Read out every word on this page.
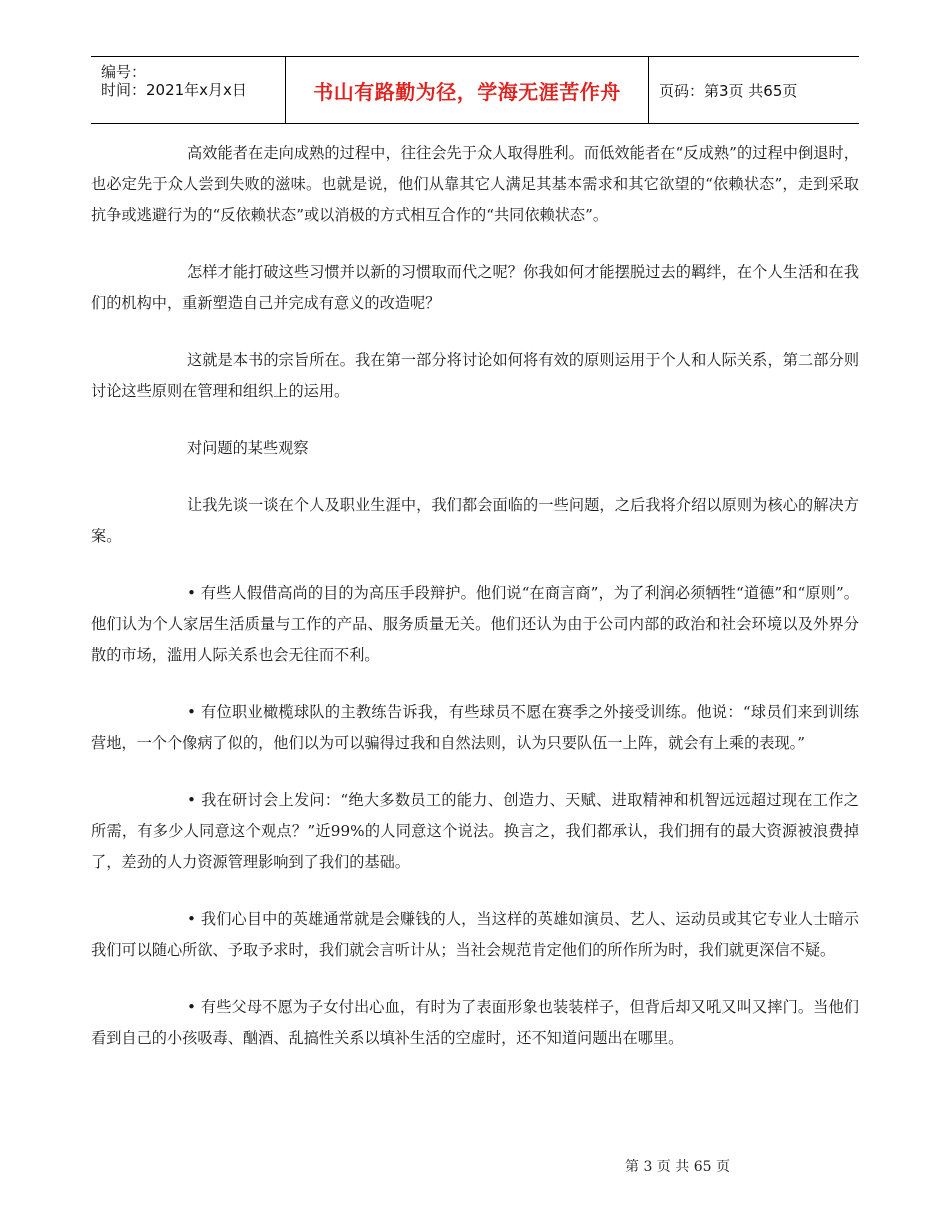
编号：
时间：2021年x月x日	书山有路勤为径，学海无涯苦作舟	页码：第3页 共65页

高效能者在走向成熟的过程中，往往会先于众人取得胜利。而低效能者在“反成熟”的过程中倒退时，也必定先于众人尝到失败的滋味。也就是说，他们从靠其它人满足其基本需求和其它欲望的“依赖状态”，走到采取抗争或逃避行为的“反依赖状态”或以消极的方式相互合作的“共同依赖状态”。

怎样才能打破这些习惯并以新的习惯取而代之呢？你我如何才能摆脱过去的羁绊，在个人生活和在我们的机构中，重新塑造自己并完成有意义的改造呢？

这就是本书的宗旨所在。我在第一部分将讨论如何将有效的原则运用于个人和人际关系，第二部分则讨论这些原则在管理和组织上的运用。

对问题的某些观察

让我先谈一谈在个人及职业生涯中，我们都会面临的一些问题，之后我将介绍以原则为核心的解决方案。

• 有些人假借高尚的目的为高压手段辩护。他们说“在商言商”，为了利润必须牺牲“道德”和“原则”。他们认为个人家居生活质量与工作的产品、服务质量无关。他们还认为由于公司内部的政治和社会环境以及外界分散的市场，滥用人际关系也会无往而不利。

• 有位职业橄榄球队的主教练告诉我，有些球员不愿在赛季之外接受训练。他说：“球员们来到训练营地，一个个像病了似的，他们以为可以骗得过我和自然法则，认为只要队伍一上阵，就会有上乘的表现。”

• 我在研讨会上发问：“绝大多数员工的能力、创造力、天赋、进取精神和机智远远超过现在工作之所需，有多少人同意这个观点？”近99%的人同意这个说法。换言之，我们都承认，我们拥有的最大资源被浪费掉了，差劲的人力资源管理影响到了我们的基础。

• 我们心目中的英雄通常就是会赚钱的人，当这样的英雄如演员、艺人、运动员或其它专业人士暗示我们可以随心所欲、予取予求时，我们就会言听计从；当社会规范肯定他们的所作所为时，我们就更深信不疑。

• 有些父母不愿为子女付出心血，有时为了表面形象也装装样子，但背后却又吼又叫又摔门。当他们看到自己的小孩吸毒、酗酒、乱搞性关系以填补生活的空虚时，还不知道问题出在哪里。

第 3 页 共 65 页
